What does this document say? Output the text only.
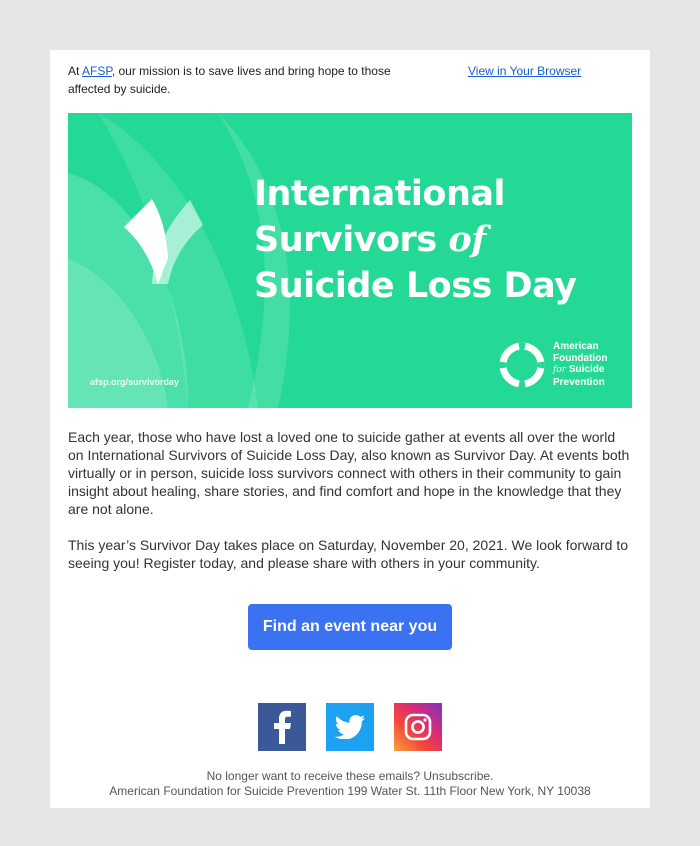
At AFSP, our mission is to save lives and bring hope to those affected by suicide.
View in Your Browser
International
Survivors of
Suicide Loss Day
afsp.org/survivorday
American
Foundation
for Suicide
Prevention

Each year, those who have lost a loved one to suicide gather at events all over the world on International Survivors of Suicide Loss Day, also known as Survivor Day. At events both virtually or in person, suicide loss survivors connect with others in their community to gain insight about healing, share stories, and find comfort and hope in the knowledge that they are not alone.

This year’s Survivor Day takes place on Saturday, November 20, 2021. We look forward to seeing you! Register today, and please share with others in your community.

Find an event near you
No longer want to receive these emails? Unsubscribe.
American Foundation for Suicide Prevention 199 Water St. 11th Floor New York, NY 10038
